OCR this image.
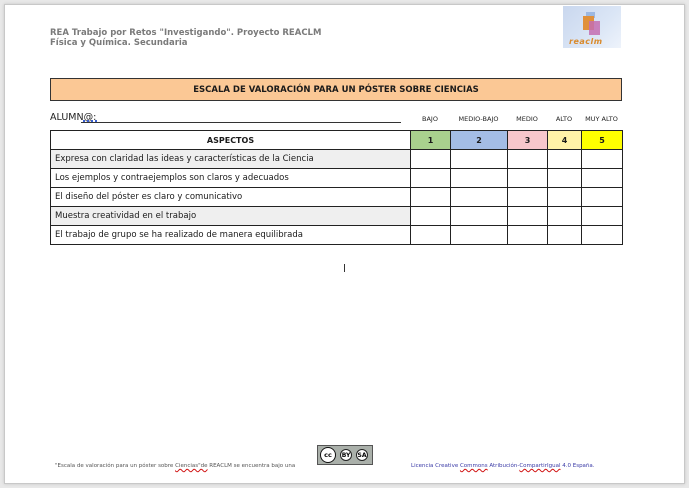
REA Trabajo por Retos "Investigando". Proyecto REACLM
Física y Química. Secundaria	reaclm
ESCALA DE VALORACIÓN PARA UN PÓSTER SOBRE CIENCIAS
ALUMN@:	BAJO	MEDIO-BAJO	MEDIO	ALTO	MUY ALTO
ASPECTOS	1	2	3	4	5
Expresa con claridad las ideas y características de la Ciencia					
Los ejemplos y contraejemplos son claros y adecuados					
El diseño del póster es claro y comunicativo					
Muestra creatividad en el trabajo					
El trabajo de grupo se ha realizado de manera equilibrada					
cc	BY SA
"Escala de valoración para un póster sobre Ciencias"de REACLM se encuentra bajo una	Licencia Creative Commons Atribución-CompartirIgual 4.0 España.
